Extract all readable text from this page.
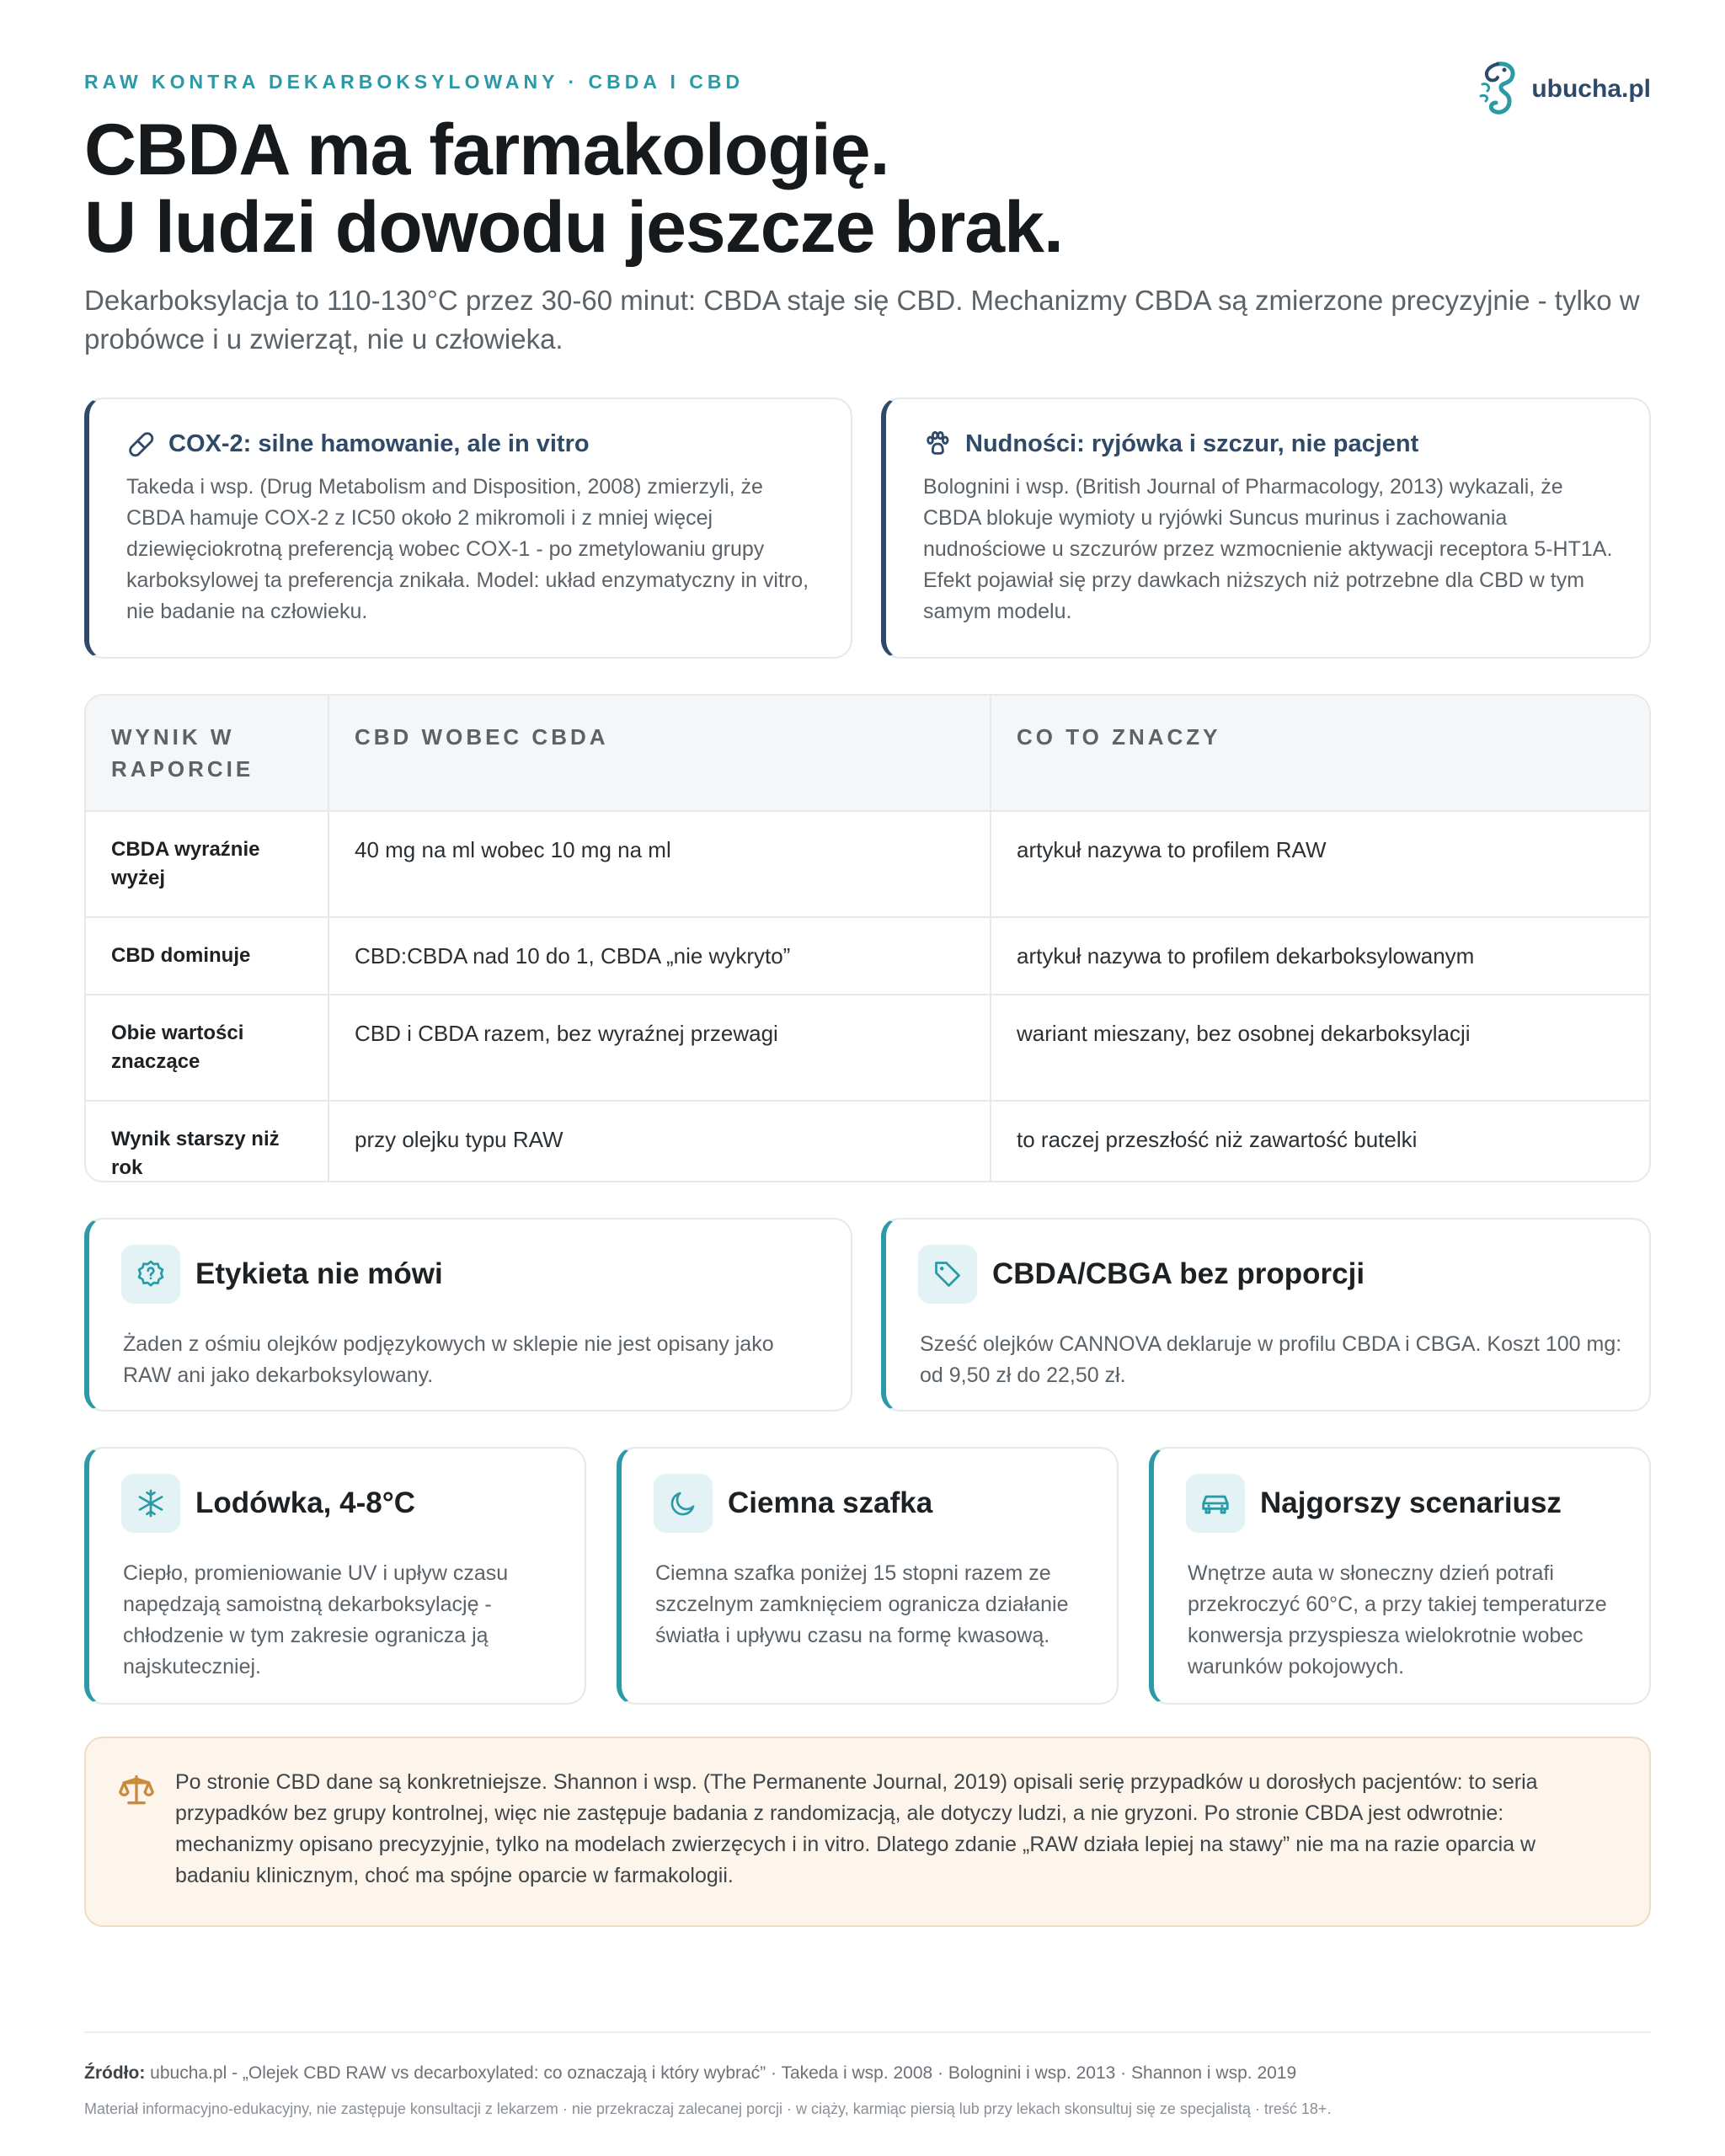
RAW KONTRA DEKARBOKSYLOWANY · CBDA I CBD	ubucha.pl
CBDA ma farmakologię.
U ludzi dowodu jeszcze brak.
Dekarboksylacja to 110-130°C przez 30-60 minut: CBDA staje się CBD. Mechanizmy CBDA są zmierzone precyzyjnie - tylko w probówce i u zwierząt, nie u człowieka.
COX-2: silne hamowanie, ale in vitro
Takeda i wsp. (Drug Metabolism and Disposition, 2008) zmierzyli, że CBDA hamuje COX-2 z IC50 około 2 mikromoli i z mniej więcej dziewięciokrotną preferencją wobec COX-1 - po zmetylowaniu grupy karboksylowej ta preferencja znikała. Model: układ enzymatyczny in vitro, nie badanie na człowieku.
Nudności: ryjówka i szczur, nie pacjent
Bolognini i wsp. (British Journal of Pharmacology, 2013) wykazali, że CBDA blokuje wymioty u ryjówki Suncus murinus i zachowania nudnościowe u szczurów przez wzmocnienie aktywacji receptora 5-HT1A. Efekt pojawiał się przy dawkach niższych niż potrzebne dla CBD w tym samym modelu.
WYNIK W RAPORCIE	CBD WOBEC CBDA	CO TO ZNACZY
CBDA wyraźnie wyżej	40 mg na ml wobec 10 mg na ml	artykuł nazywa to profilem RAW
CBD dominuje	CBD:CBDA nad 10 do 1, CBDA „nie wykryto”	artykuł nazywa to profilem dekarboksylowanym
Obie wartości znaczące	CBD i CBDA razem, bez wyraźnej przewagi	wariant mieszany, bez osobnej dekarboksylacji
Wynik starszy niż rok	przy olejku typu RAW	to raczej przeszłość niż zawartość butelki
Etykieta nie mówi
Żaden z ośmiu olejków podjęzykowych w sklepie nie jest opisany jako RAW ani jako dekarboksylowany.
CBDA/CBGA bez proporcji
Sześć olejków CANNOVA deklaruje w profilu CBDA i CBGA. Koszt 100 mg: od 9,50 zł do 22,50 zł.
Lodówka, 4-8°C
Ciepło, promieniowanie UV i upływ czasu napędzają samoistną dekarboksylację - chłodzenie w tym zakresie ogranicza ją najskuteczniej.
Ciemna szafka
Ciemna szafka poniżej 15 stopni razem ze szczelnym zamknięciem ogranicza działanie światła i upływu czasu na formę kwasową.
Najgorszy scenariusz
Wnętrze auta w słoneczny dzień potrafi przekroczyć 60°C, a przy takiej temperaturze konwersja przyspiesza wielokrotnie wobec warunków pokojowych.
Po stronie CBD dane są konkretniejsze. Shannon i wsp. (The Permanente Journal, 2019) opisali serię przypadków u dorosłych pacjentów: to seria przypadków bez grupy kontrolnej, więc nie zastępuje badania z randomizacją, ale dotyczy ludzi, a nie gryzoni. Po stronie CBDA jest odwrotnie: mechanizmy opisano precyzyjnie, tylko na modelach zwierzęcych i in vitro. Dlatego zdanie „RAW działa lepiej na stawy” nie ma na razie oparcia w badaniu klinicznym, choć ma spójne oparcie w farmakologii.
Źródło: ubucha.pl - „Olejek CBD RAW vs decarboxylated: co oznaczają i który wybrać” · Takeda i wsp. 2008 · Bolognini i wsp. 2013 · Shannon i wsp. 2019
Materiał informacyjno-edukacyjny, nie zastępuje konsultacji z lekarzem · nie przekraczaj zalecanej porcji · w ciąży, karmiąc piersią lub przy lekach skonsultuj się ze specjalistą · treść 18+.
